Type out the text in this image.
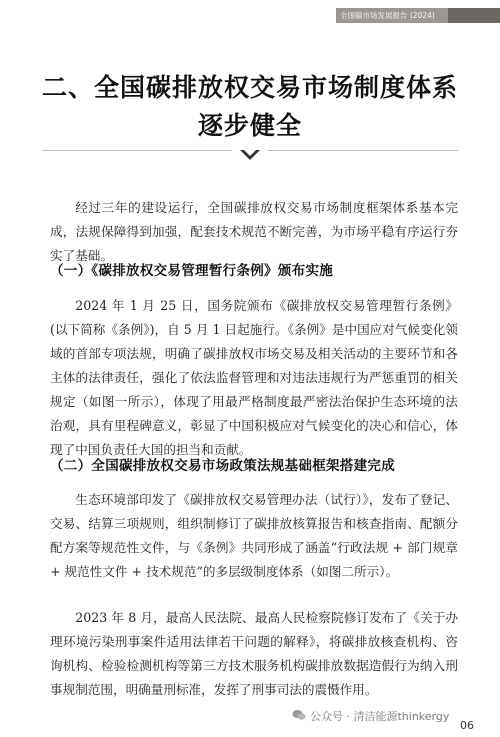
全国碳市场发展报告 (2024)
二、全国碳排放权交易市场制度体系
逐步健全

经过三年的建设运行，全国碳排放权交易市场制度框架体系基本完成，法规保障得到加强，配套技术规范不断完善，为市场平稳有序运行夯实了基础。

（一）《碳排放权交易管理暂行条例》颁布实施

2024 年 1 月 25 日，国务院颁布《碳排放权交易管理暂行条例》(以下简称《条例》)，自 5 月 1 日起施行。《条例》是中国应对气候变化领域的首部专项法规，明确了碳排放权市场交易及相关活动的主要环节和各主体的法律责任，强化了依法监督管理和对违法违规行为严惩重罚的相关规定（如图一所示），体现了用最严格制度最严密法治保护生态环境的法治观，具有里程碑意义，彰显了中国积极应对气候变化的决心和信心，体现了中国负责任大国的担当和贡献。

（二）全国碳排放权交易市场政策法规基础框架搭建完成

生态环境部印发了《碳排放权交易管理办法（试行）》，发布了登记、交易、结算三项规则，组织制修订了碳排放核算报告和核查指南、配额分配方案等规范性文件，与《条例》共同形成了涵盖“行政法规 + 部门规章 + 规范性文件 + 技术规范”的多层级制度体系（如图二所示）。

2023 年 8 月，最高人民法院、最高人民检察院修订发布了《关于办理环境污染刑事案件适用法律若干问题的解释》，将碳排放核查机构、咨询机构、检验检测机构等第三方技术服务机构碳排放数据造假行为纳入刑事规制范围，明确量刑标准，发挥了刑事司法的震慑作用。

公众号 · 清洁能源thinkergy
06
